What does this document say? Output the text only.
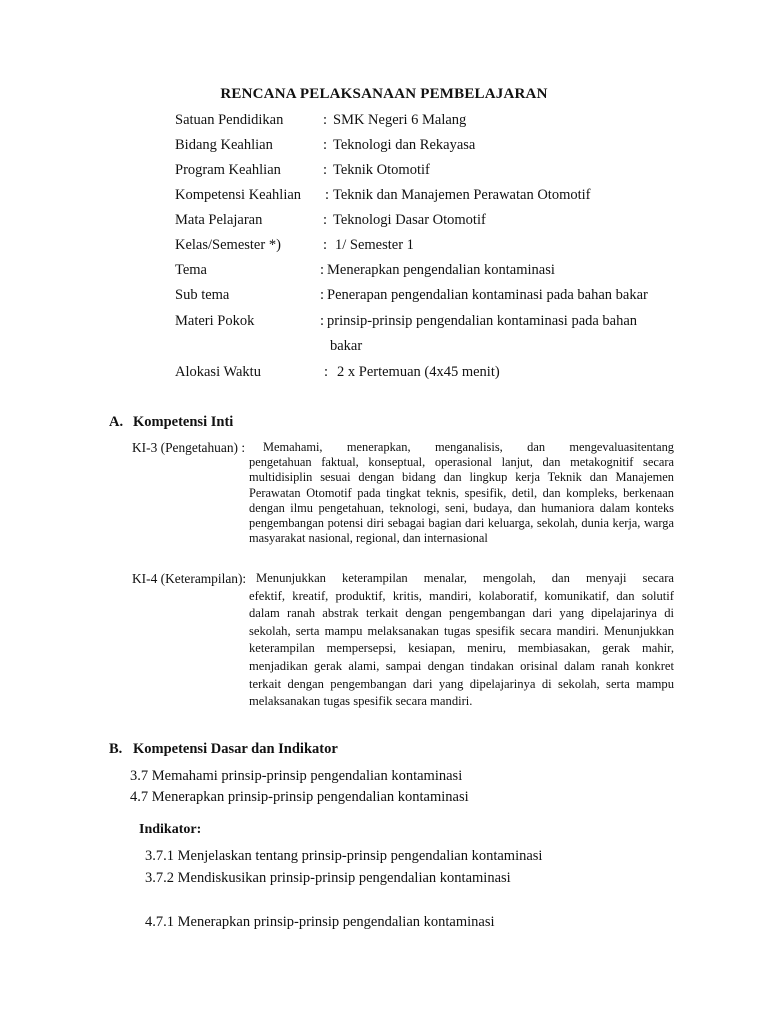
RENCANA PELAKSANAAN PEMBELAJARAN
Satuan Pendidikan	: SMK Negeri 6 Malang
Bidang Keahlian	: Teknologi dan Rekayasa
Program Keahlian	: Teknik Otomotif
Kompetensi Keahlian : Teknik dan Manajemen Perawatan Otomotif
Mata Pelajaran	: Teknologi Dasar Otomotif
Kelas/Semester *)	: 1/ Semester 1
Tema	: Menerapkan pengendalian kontaminasi
Sub tema	: Penerapan pengendalian kontaminasi pada bahan bakar
Materi Pokok	: prinsip-prinsip pengendalian kontaminasi pada bahan
bakar
Alokasi Waktu	: 2 x Pertemuan (4x45 menit)
A. Kompetensi Inti
KI-3 (Pengetahuan) : Memahami, menerapkan, menganalisis, dan mengevaluasitentang
pengetahuan faktual, konseptual, operasional lanjut, dan metakognitif secara multidisiplin sesuai dengan bidang dan lingkup kerja Teknik dan Manajemen Perawatan Otomotif pada tingkat teknis, spesifik, detil, dan kompleks, berkenaan dengan ilmu pengetahuan, teknologi, seni, budaya, dan humaniora dalam konteks pengembangan potensi diri sebagai bagian dari keluarga, sekolah, dunia kerja, warga masyarakat nasional, regional, dan internasional
KI-4 (Keterampilan): Menunjukkan keterampilan menalar, mengolah, dan menyaji secara
efektif, kreatif, produktif, kritis, mandiri, kolaboratif, komunikatif, dan solutif dalam ranah abstrak terkait dengan pengembangan dari yang dipelajarinya di sekolah, serta mampu melaksanakan tugas spesifik secara mandiri. Menunjukkan keterampilan mempersepsi, kesiapan, meniru, membiasakan, gerak mahir, menjadikan gerak alami, sampai dengan tindakan orisinal dalam ranah konkret terkait dengan pengembangan dari yang dipelajarinya di sekolah, serta mampu melaksanakan tugas spesifik secara mandiri.
B. Kompetensi Dasar dan Indikator
3.7 Memahami prinsip-prinsip pengendalian kontaminasi
4.7 Menerapkan prinsip-prinsip pengendalian kontaminasi
Indikator:
3.7.1 Menjelaskan tentang prinsip-prinsip pengendalian kontaminasi
3.7.2 Mendiskusikan prinsip-prinsip pengendalian kontaminasi
4.7.1 Menerapkan prinsip-prinsip pengendalian kontaminasi
